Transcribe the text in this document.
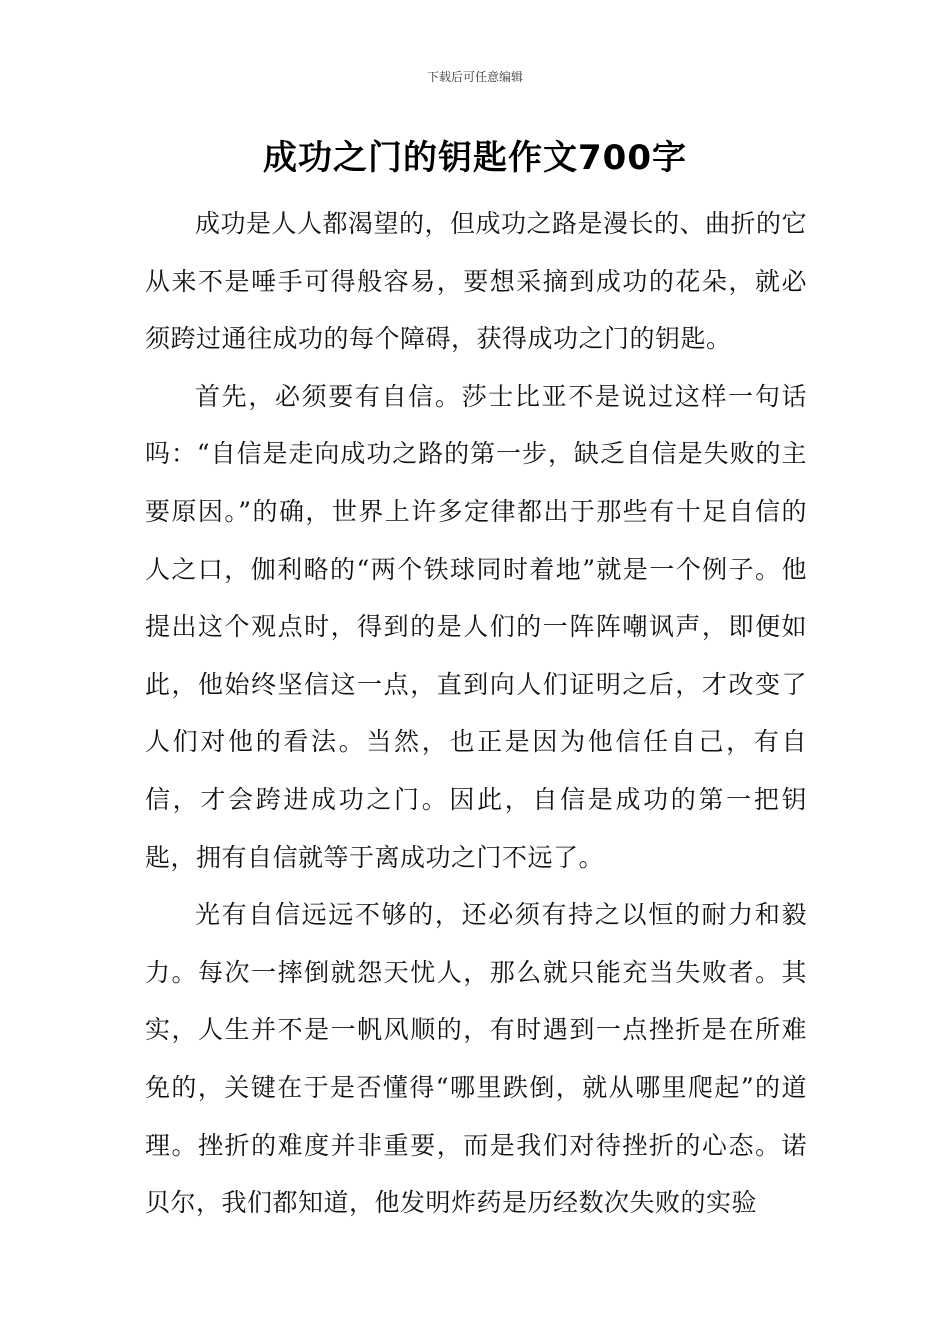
下载后可任意编辑
成功之门的钥匙作文700字

成功是人人都渴望的，但成功之路是漫长的、曲折的它从来不是唾手可得般容易，要想采摘到成功的花朵，就必须跨过通往成功的每个障碍，获得成功之门的钥匙。

首先，必须要有自信。莎士比亚不是说过这样一句话吗：“自信是走向成功之路的第一步，缺乏自信是失败的主要原因。”的确，世界上许多定律都出于那些有十足自信的人之口，伽利略的“两个铁球同时着地”就是一个例子。他提出这个观点时，得到的是人们的一阵阵嘲讽声，即便如此，他始终坚信这一点，直到向人们证明之后，才改变了人们对他的看法。当然，也正是因为他信任自己，有自信，才会跨进成功之门。因此，自信是成功的第一把钥匙，拥有自信就等于离成功之门不远了。

光有自信远远不够的，还必须有持之以恒的耐力和毅力。每次一摔倒就怨天忧人，那么就只能充当失败者。其实，人生并不是一帆风顺的，有时遇到一点挫折是在所难免的，关键在于是否懂得“哪里跌倒，就从哪里爬起”的道理。挫折的难度并非重要，而是我们对待挫折的心态。诺贝尔，我们都知道，他发明炸药是历经数次失败的实验
